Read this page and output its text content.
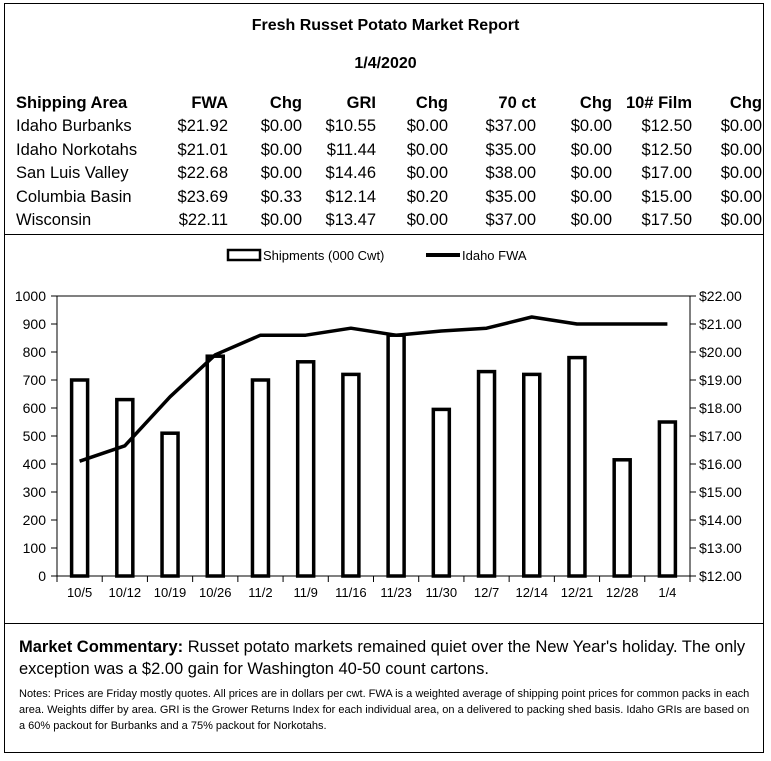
Fresh Russet Potato Market Report
1/4/2020
Shipping Area	FWA	Chg	GRI	Chg	70 ct	Chg	10# Film	Chg
Idaho Burbanks	$21.92	$0.00	$10.55	$0.00	$37.00	$0.00	$12.50	$0.00
Idaho Norkotahs	$21.01	$0.00	$11.44	$0.00	$35.00	$0.00	$12.50	$0.00
San Luis Valley	$22.68	$0.00	$14.46	$0.00	$38.00	$0.00	$17.00	$0.00
Columbia Basin	$23.69	$0.33	$12.14	$0.20	$35.00	$0.00	$15.00	$0.00
Wisconsin	$22.11	$0.00	$13.47	$0.00	$37.00	$0.00	$17.50	$0.00
Shipments (000 Cwt)	Idaho FWA
0
100
200
300
400
500
600
700
800
900
1000
$12.00
$13.00
$14.00
$15.00
$16.00
$17.00
$18.00
$19.00
$20.00
$21.00
$22.00
10/5 10/12 10/19 10/26 11/2 11/9 11/16 11/23 11/30 12/7 12/14 12/21 12/28 1/4
Market Commentary: Russet potato markets remained quiet over the New Year's holiday. The only exception was a $2.00 gain for Washington 40-50 count cartons.
Notes: Prices are Friday mostly quotes. All prices are in dollars per cwt. FWA is a weighted average of shipping point prices for common packs in each area. Weights differ by area. GRI is the Grower Returns Index for each individual area, on a delivered to packing shed basis. Idaho GRIs are based on a 60% packout for Burbanks and a 75% packout for Norkotahs.
